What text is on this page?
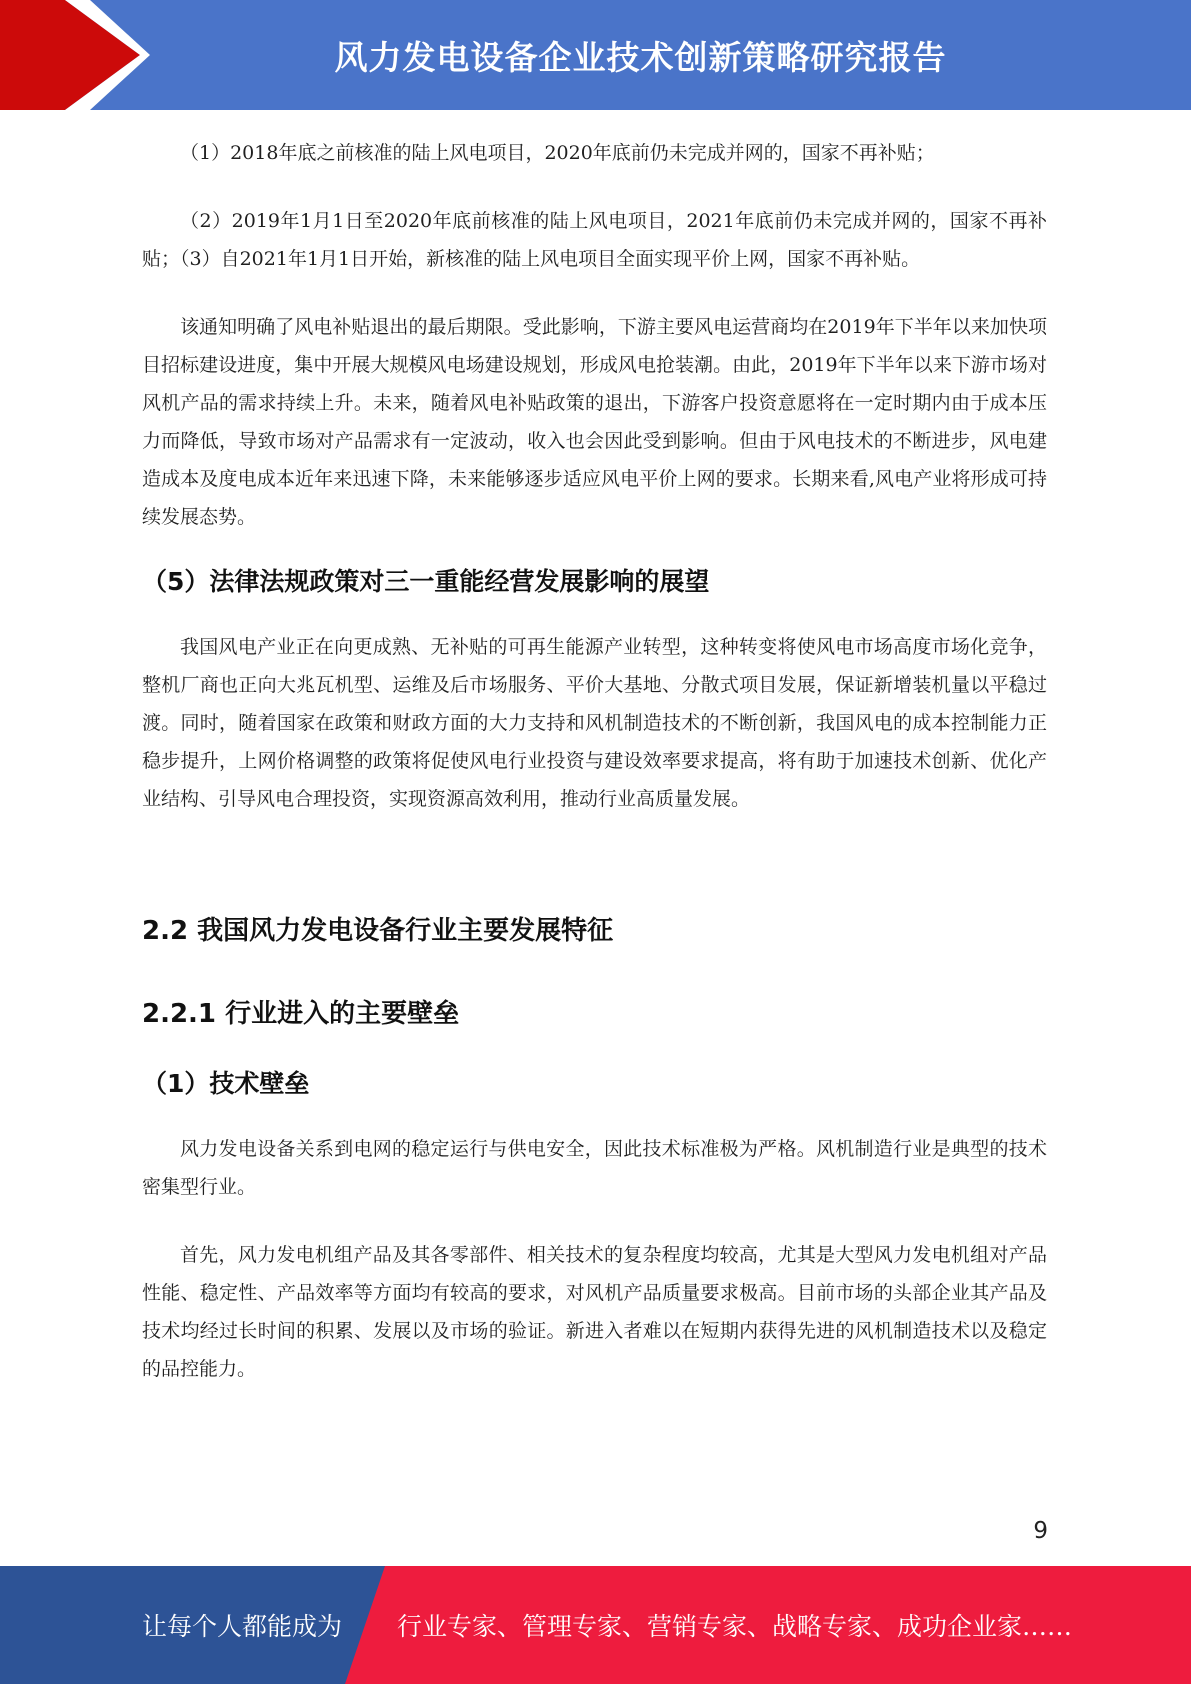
风力发电设备企业技术创新策略研究报告

（1）2018年底之前核准的陆上风电项目，2020年底前仍未完成并网的，国家不再补贴；

（2）2019年1月1日至2020年底前核准的陆上风电项目，2021年底前仍未完成并网的，国家不再补贴；（3）自2021年1月1日开始，新核准的陆上风电项目全面实现平价上网，国家不再补贴。

该通知明确了风电补贴退出的最后期限。受此影响，下游主要风电运营商均在2019年下半年以来加快项目招标建设进度，集中开展大规模风电场建设规划，形成风电抢装潮。由此，2019年下半年以来下游市场对风机产品的需求持续上升。未来，随着风电补贴政策的退出，下游客户投资意愿将在一定时期内由于成本压力而降低，导致市场对产品需求有一定波动，收入也会因此受到影响。但由于风电技术的不断进步，风电建造成本及度电成本近年来迅速下降，未来能够逐步适应风电平价上网的要求。长期来看,风电产业将形成可持续发展态势。

（5）法律法规政策对三一重能经营发展影响的展望

我国风电产业正在向更成熟、无补贴的可再生能源产业转型，这种转变将使风电市场高度市场化竞争，整机厂商也正向大兆瓦机型、运维及后市场服务、平价大基地、分散式项目发展，保证新增装机量以平稳过渡。同时，随着国家在政策和财政方面的大力支持和风机制造技术的不断创新，我国风电的成本控制能力正稳步提升，上网价格调整的政策将促使风电行业投资与建设效率要求提高，将有助于加速技术创新、优化产业结构、引导风电合理投资，实现资源高效利用，推动行业高质量发展。

2.2 我国风力发电设备行业主要发展特征
2.2.1 行业进入的主要壁垒
（1）技术壁垒

风力发电设备关系到电网的稳定运行与供电安全，因此技术标准极为严格。风机制造行业是典型的技术密集型行业。

首先，风力发电机组产品及其各零部件、相关技术的复杂程度均较高，尤其是大型风力发电机组对产品性能、稳定性、产品效率等方面均有较高的要求，对风机产品质量要求极高。目前市场的头部企业其产品及技术均经过长时间的积累、发展以及市场的验证。新进入者难以在短期内获得先进的风机制造技术以及稳定的品控能力。

9
让每个人都能成为 行业专家、管理专家、营销专家、战略专家、成功企业家……
